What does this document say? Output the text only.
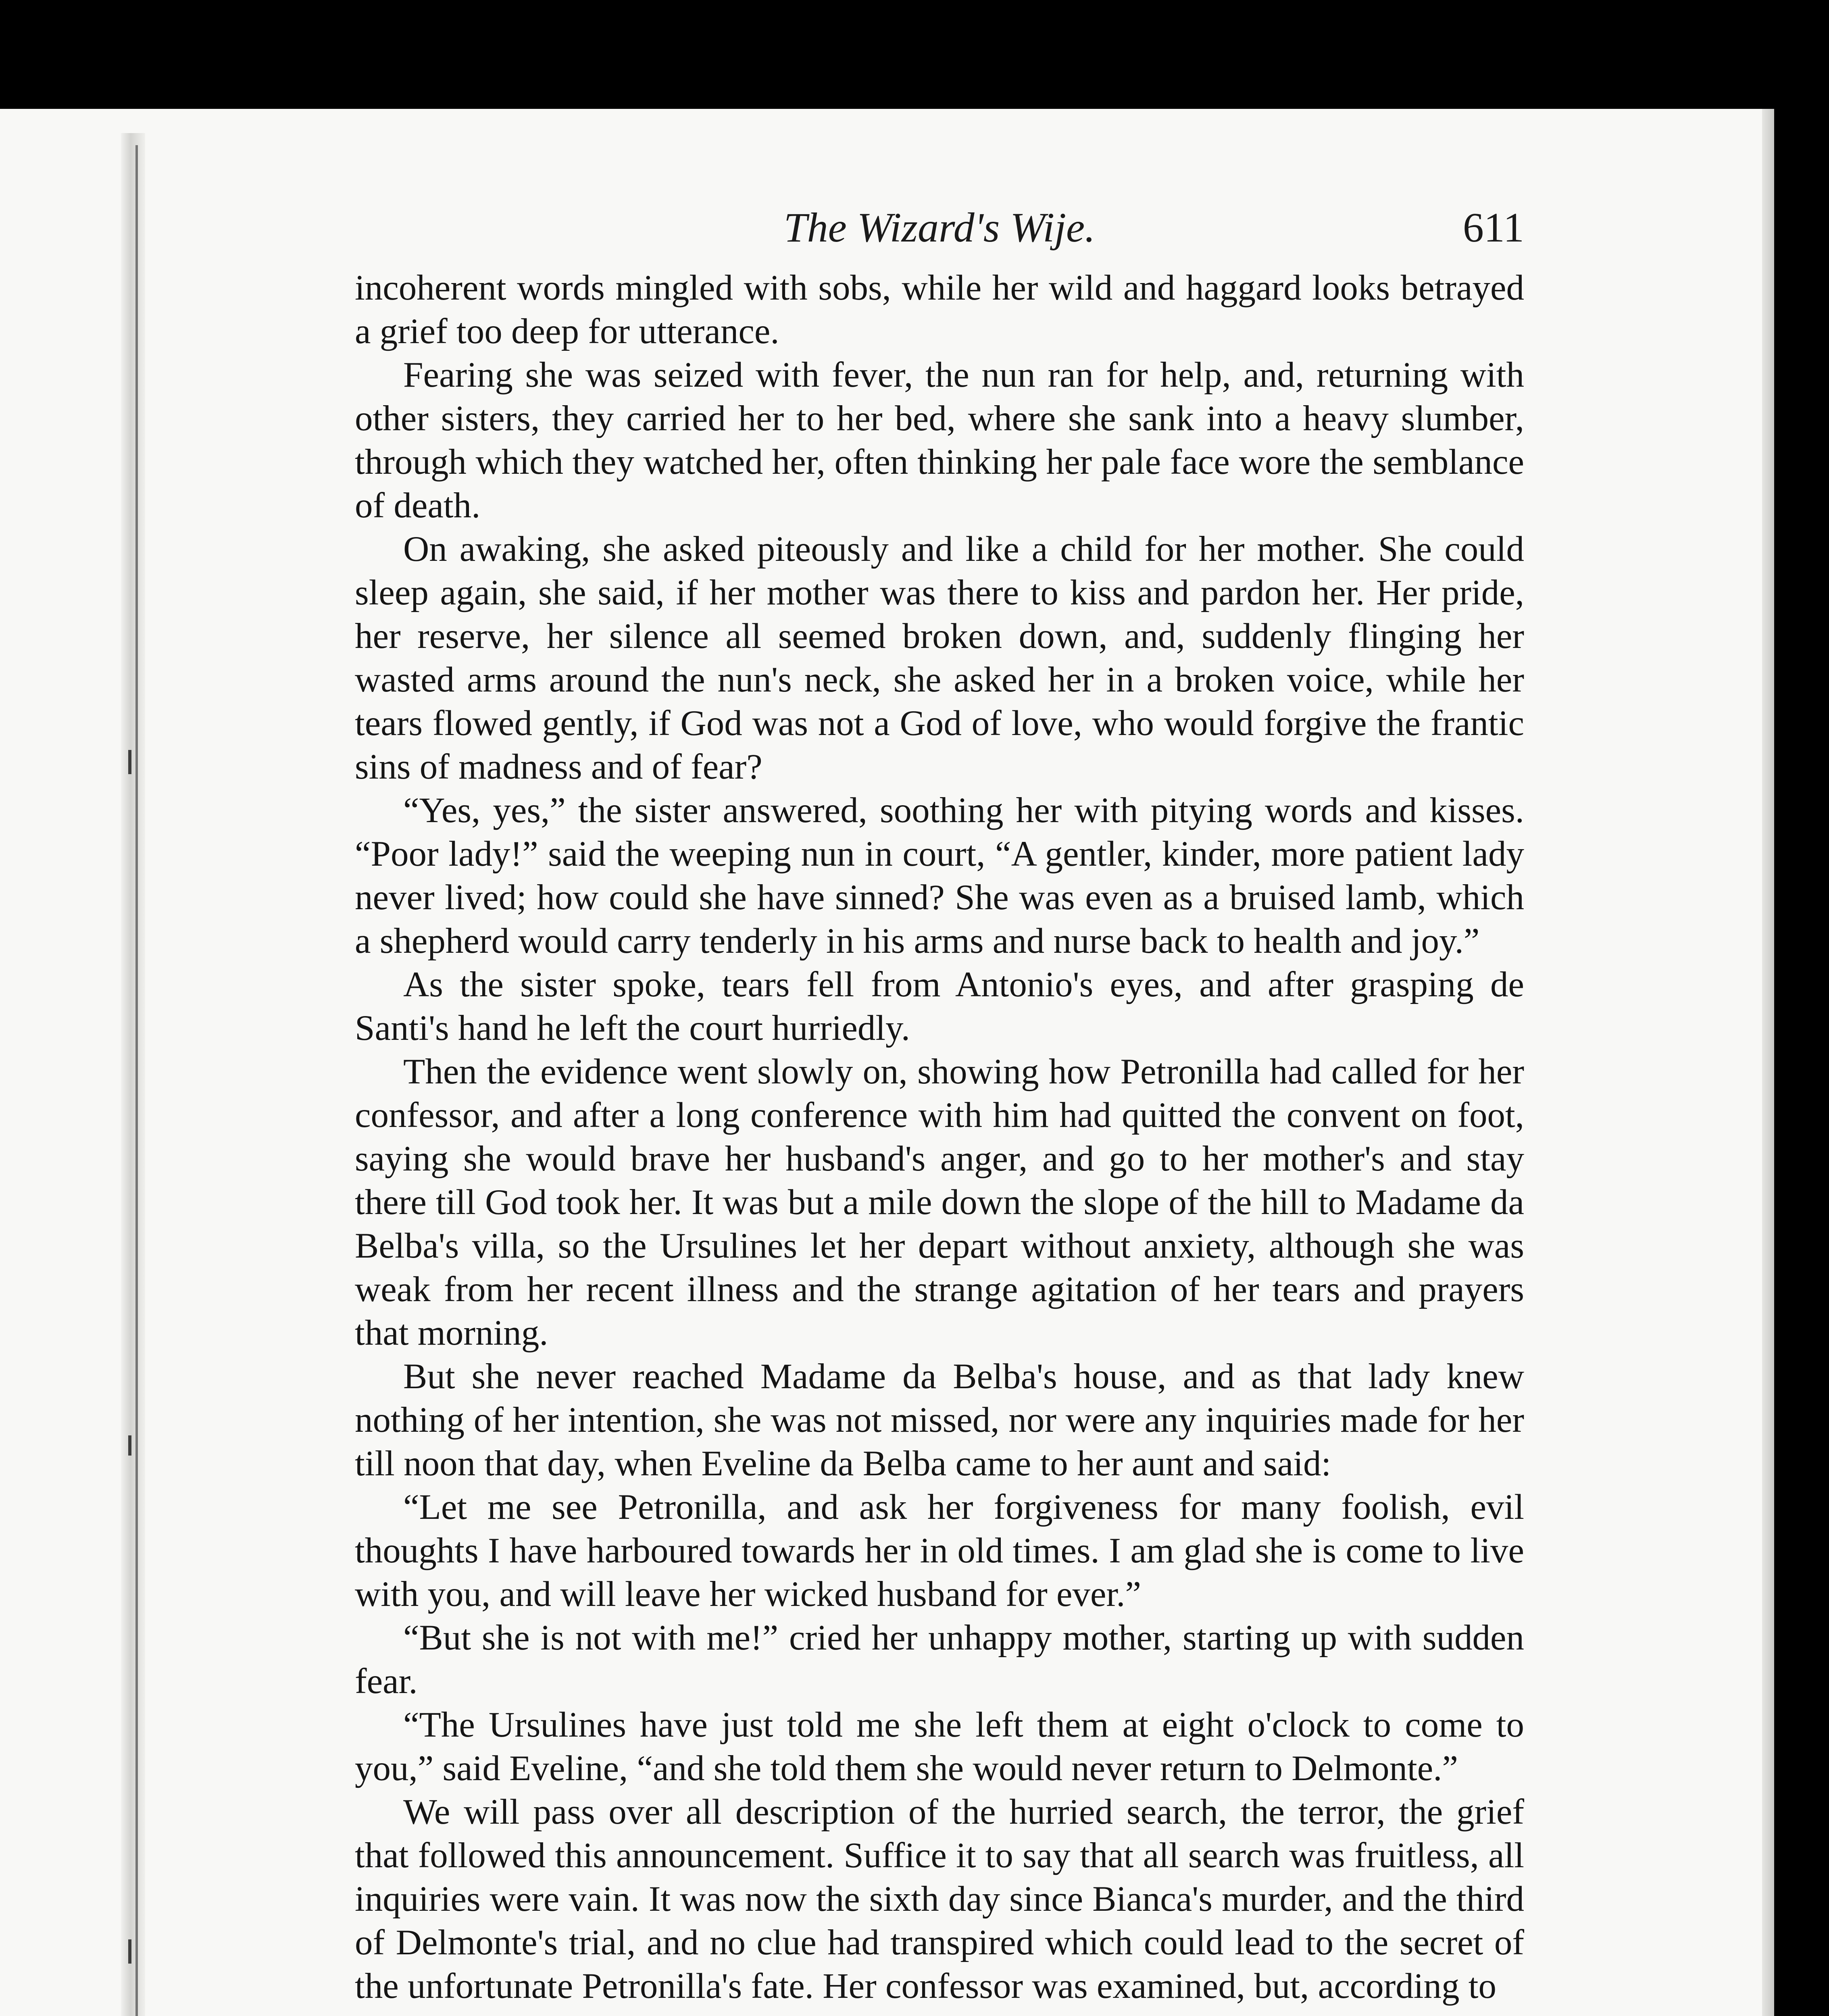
The Wizard's Wije.	611

incoherent words mingled with sobs, while her wild and haggard looks betrayed a grief too deep for utterance.

Fearing she was seized with fever, the nun ran for help, and, returning with other sisters, they carried her to her bed, where she sank into a heavy slumber, through which they watched her, often thinking her pale face wore the semblance of death.

On awaking, she asked piteously and like a child for her mother. She could sleep again, she said, if her mother was there to kiss and pardon her. Her pride, her reserve, her silence all seemed broken down, and, suddenly flinging her wasted arms around the nun's neck, she asked her in a broken voice, while her tears flowed gently, if God was not a God of love, who would forgive the frantic sins of madness and of fear?

“Yes, yes,” the sister answered, soothing her with pitying words and kisses. “Poor lady!” said the weeping nun in court, “A gentler, kinder, more patient lady never lived; how could she have sinned? She was even as a bruised lamb, which a shepherd would carry tenderly in his arms and nurse back to health and joy.”

As the sister spoke, tears fell from Antonio's eyes, and after grasping de Santi's hand he left the court hurriedly.

Then the evidence went slowly on, showing how Petronilla had called for her confessor, and after a long conference with him had quitted the convent on foot, saying she would brave her husband's anger, and go to her mother's and stay there till God took her. It was but a mile down the slope of the hill to Madame da Belba's villa, so the Ursulines let her depart without anxiety, although she was weak from her recent illness and the strange agitation of her tears and prayers that morning.

But she never reached Madame da Belba's house, and as that lady knew nothing of her intention, she was not missed, nor were any inquiries made for her till noon that day, when Eveline da Belba came to her aunt and said:

“Let me see Petronilla, and ask her forgiveness for many foolish, evil thoughts I have harboured towards her in old times. I am glad she is come to live with you, and will leave her wicked husband for ever.”

“But she is not with me!” cried her unhappy mother, starting up with sudden fear.

“The Ursulines have just told me she left them at eight o'clock to come to you,” said Eveline, “and she told them she would never return to Delmonte.”

We will pass over all description of the hurried search, the terror, the grief that followed this announcement. Suffice it to say that all search was fruitless, all inquiries were vain. It was now the sixth day since Bianca's murder, and the third of Delmonte's trial, and no clue had transpired which could lead to the secret of the unfortunate Petronilla's fate. Her confessor was examined, but, according to
